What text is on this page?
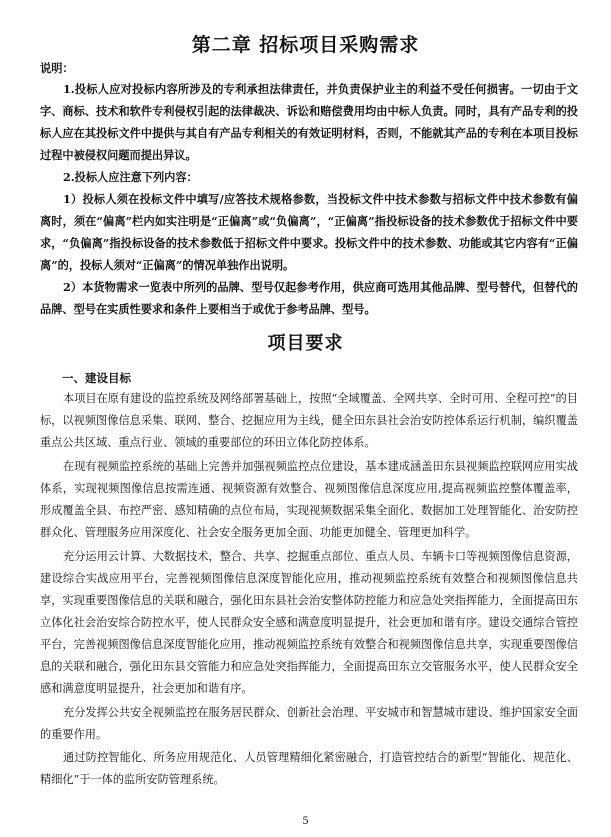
第二章 招标项目采购需求
说明：

1.投标人应对投标内容所涉及的专利承担法律责任，并负责保护业主的利益不受任何损害。一切由于文字、商标、技术和软件专利侵权引起的法律裁决、诉讼和赔偿费用均由中标人负责。同时，具有产品专利的投标人应在其投标文件中提供与其自有产品专利相关的有效证明材料，否则，不能就其产品的专利在本项目投标过程中被侵权问题而提出异议。

2.投标人应注意下列内容：

1）投标人须在投标文件中填写/应答技术规格参数，当投标文件中技术参数与招标文件中技术参数有偏离时，须在“偏离”栏内如实注明是“正偏离”或“负偏离”，“正偏离”指投标设备的技术参数优于招标文件中要求，“负偏离”指投标设备的技术参数低于招标文件中要求。投标文件中的技术参数、功能或其它内容有“正偏离”的，投标人须对“正偏离”的情况单独作出说明。

2）本货物需求一览表中所列的品牌、型号仅起参考作用，供应商可选用其他品牌、型号替代，但替代的品牌、型号在实质性要求和条件上要相当于或优于参考品牌、型号。

项目要求
一、建设目标

本项目在原有建设的监控系统及网络部署基础上，按照“全域覆盖、全网共享、全时可用、全程可控”的目标，以视频图像信息采集、联网、整合、挖掘应用为主线，健全田东县社会治安防控体系运行机制，编织覆盖重点公共区域、重点行业、领域的重要部位的环田立体化防控体系。

在现有视频监控系统的基础上完善并加强视频监控点位建设，基本建成涵盖田东县视频监控联网应用实战体系，实现视频图像信息按需连通、视频资源有效整合、视频图像信息深度应用,提高视频监控整体覆盖率，形成覆盖全县、布控严密、感知精确的点位布局，实现视频数据采集全面化、数据加工处理智能化、治安防控群众化、管理服务应用深度化、社会安全服务更加全面、功能更加健全、管理更加科学。

充分运用云计算、大数据技术，整合、共享、挖掘重点部位、重点人员、车辆卡口等视频图像信息资源，建设综合实战应用平台，完善视频图像信息深度智能化应用，推动视频监控系统有效整合和视频图像信息共享，实现重要图像信息的关联和融合，强化田东县社会治安整体防控能力和应急处突指挥能力，全面提高田东立体化社会治安综合防控水平，使人民群众安全感和满意度明显提升，社会更加和谐有序。建设交通综合管控平台，完善视频图像信息深度智能化应用，推动视频监控系统有效整合和视频图像信息共享，实现重要图像信息的关联和融合，强化田东县交管能力和应急处突指挥能力，全面提高田东立交管服务水平，使人民群众安全感和满意度明显提升，社会更加和谐有序。

充分发挥公共安全视频监控在服务居民群众、创新社会治理、平安城市和智慧城市建设、维护国家安全面的重要作用。

通过防控智能化、所务应用规范化、人员管理精细化紧密融合，打造管控结合的新型“智能化、规范化、精细化”于一体的监所安防管理系统。

5
